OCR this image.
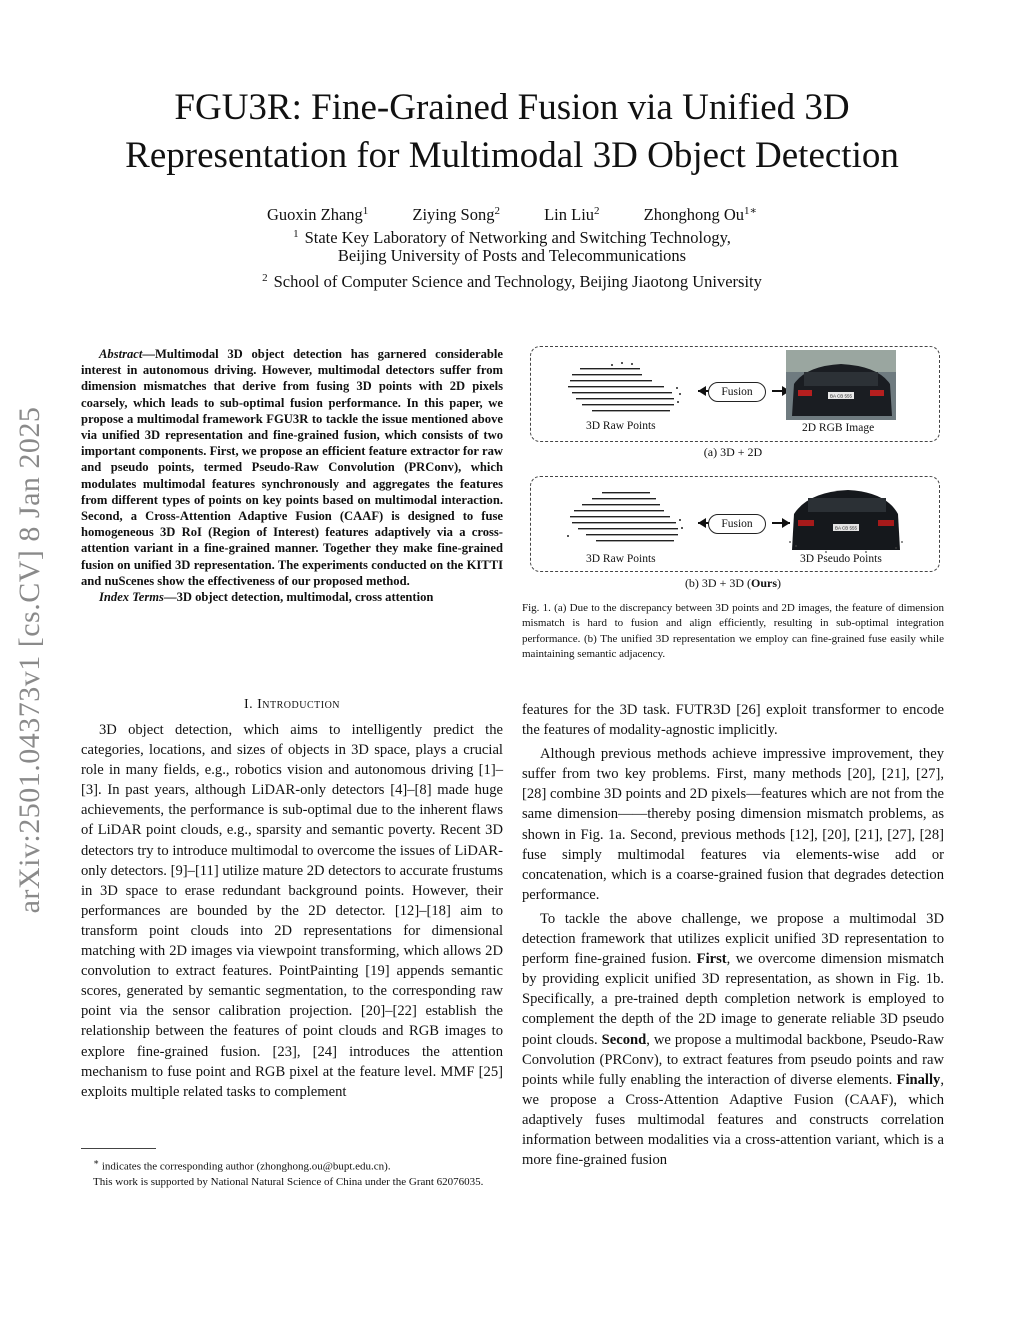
arXiv:2501.04373v1 [cs.CV] 8 Jan 2025
FGU3R: Fine-Grained Fusion via Unified 3D
Representation for Multimodal 3D Object Detection
Guoxin Zhang$^1$	Ziying Song$^2$	Lin Liu$^2$	Zhonghong $Ou^{1∗}$
$^1$ State Key Laboratory of Networking and Switching Technology,
Beijing University of Posts and Telecommunications
$^2$ School of Computer Science and Technology, Beijing Jiaotong University

Abstract—Multimodal 3D object detection has garnered considerable interest in autonomous driving. However, multimodal detectors suffer from dimension mismatches that derive from fusing 3D points with 2D pixels coarsely, which leads to sub-optimal fusion performance. In this paper, we propose a multimodal framework FGU3R to tackle the issue mentioned above via unified 3D representation and fine-grained fusion, which consists of two important components. First, we propose an efficient feature extractor for raw and pseudo points, termed Pseudo-Raw Convolution (PRConv), which modulates multimodal features synchronously and aggregates the features from different types of points on key points based on multimodal interaction. Second, a Cross-Attention Adaptive Fusion (CAAF) is designed to fuse homogeneous 3D RoI (Region of Interest) features adaptively via a cross-attention variant in a fine-grained manner. Together they make fine-grained fusion on unified 3D representation. The experiments conducted on the KITTI and nuScenes show the effectiveness of our proposed method.

Index Terms—3D object detection, multimodal, cross attention

I. Introduction

3D object detection, which aims to intelligently predict the categories, locations, and sizes of objects in 3D space, plays a crucial role in many fields, e.g., robotics vision and autonomous driving [1]–[3]. In past years, although LiDAR-only detectors [4]–[8] made huge achievements, the performance is sub-optimal due to the inherent flaws of LiDAR point clouds, e.g., sparsity and semantic poverty. Recent 3D detectors try to introduce multimodal to overcome the issues of LiDAR-only detectors. [9]–[11] utilize mature 2D detectors to accurate frustums in 3D space to erase redundant background points. However, their performances are bounded by the 2D detector. [12]–[18] aim to transform point clouds into 2D representations for dimensional matching with 2D images via viewpoint transforming, which allows 2D convolution to extract features. PointPainting [19] appends semantic scores, generated by semantic segmentation, to the corresponding raw point via the sensor calibration projection. [20]–[22] establish the relationship between the features of point clouds and RGB images to explore fine-grained fusion. [23], [24] introduces the attention mechanism to fuse point and RGB pixel at the feature level. MMF [25] exploits multiple related tasks to complement

∗ indicates the corresponding author (zhonghong.ou@bupt.edu.cn).

This work is supported by National Natural Science of China under the Grant 62076035.

3D Raw Points
Fusion	BA CB 555
2D RGB Image
(a) 3D + 2D
3D Raw Points
Fusion	BA CB 555
3D Pseudo Points
(b) 3D + 3D (Ours)
Fig. 1. (a) Due to the discrepancy between 3D points and 2D images, the feature of dimension mismatch is hard to fusion and align efficiently, resulting in sub-optimal integration performance. (b) The unified 3D representation we employ can fine-grained fuse easily while maintaining semantic adjacency.

features for the 3D task. FUTR3D [26] exploit transformer to encode the features of modality-agnostic implicitly.

Although previous methods achieve impressive improvement, they suffer from two key problems. First, many methods [20], [21], [27], [28] combine 3D points and 2D pixels—features which are not from the same dimension——thereby posing dimension mismatch problems, as shown in Fig. 1a. Second, previous methods [12], [20], [21], [27], [28] fuse simply multimodal features via elements-wise add or concatenation, which is a coarse-grained fusion that degrades detection performance.

To tackle the above challenge, we propose a multimodal 3D detection framework that utilizes explicit unified 3D representation to perform fine-grained fusion. First, we overcome dimension mismatch by providing explicit unified 3D representation, as shown in Fig. 1b. Specifically, a pre-trained depth completion network is employed to complement the depth of the 2D image to generate reliable 3D pseudo point clouds. Second, we propose a multimodal backbone, Pseudo-Raw Convolution (PRConv), to extract features from pseudo points and raw points while fully enabling the interaction of diverse elements. Finally, we propose a Cross-Attention Adaptive Fusion (CAAF), which adaptively fuses multimodal features and constructs correlation information between modalities via a cross-attention variant, which is a more fine-grained fusion
